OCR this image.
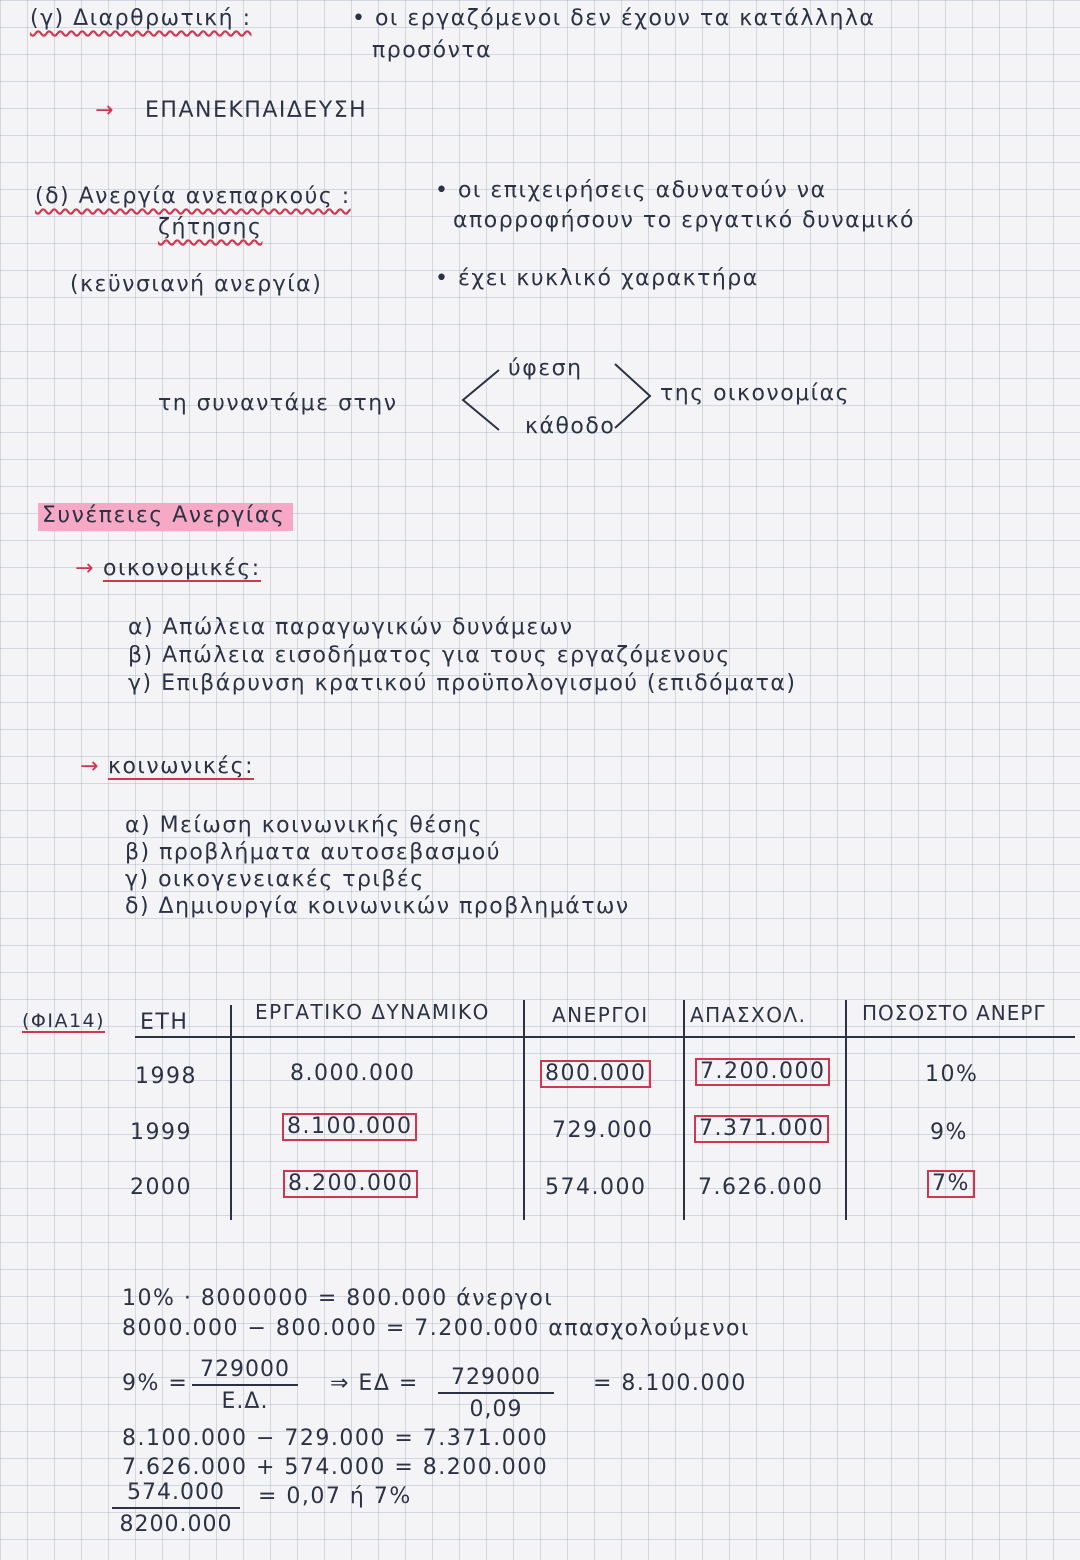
(γ) Διαρθρωτική :	• οι εργαζόμενοι δεν έχουν τα κατάλληλα
προσόντα
→ ΕΠΑΝΕΚΠΑΙΔΕΥΣΗ
(δ) Ανεργία ανεπαρκούς :
ζήτησης
• οι επιχειρήσεις αδυνατούν να
απορροφήσουν το εργατικό δυναμικό
(κεϋνσιανή ανεργία)	• έχει κυκλικό χαρακτήρα
τη συναντάμε στην
ύφεση
κάθοδο
της οικονομίας
Συνέπειες Ανεργίας
→ οικονομικές:
α) Απώλεια παραγωγικών δυνάμεων
β) Απώλεια εισοδήματος για τους εργαζόμενους
γ) Επιβάρυνση κρατικού προϋπολογισμού (επιδόματα)
→ κοινωνικές:
α) Μείωση κοινωνικής θέσης
β) προβλήματα αυτοσεβασμού
γ) οικογενειακές τριβές
δ) Δημιουργία κοινωνικών προβλημάτων
(ΦΙΑ14) ΕΤΗ	ΕΡΓΑΤΙΚΟ ΔΥΝΑΜΙΚΟ	ΑΝΕΡΓΟΙ ΑΠΑΣΧΟΛ.	ΠΟΣΟΣΤΟ ΑΝΕΡΓ
1998	8.000.000	800.000 7.200.000	10%
1999	8.100.000	729.000 7.371.000	9%
2000	8.200.000	574.000 7.626.000	7%
10% · 8000000 = 800.000 άνεργοι
8000.000 − 800.000 = 7.200.000 απασχολούμενοι
$9\% = \frac{729000}{E.\Delta.}$ ⇒ $E\Delta = \frac{729000}{0,09} = 8.100.000$
8.100.000 − 729.000 = 7.371.000
7.626.000 + 574.000 = 8.200.000
$\frac{574.000}{8200.000} = 0,07$ ή 7%
